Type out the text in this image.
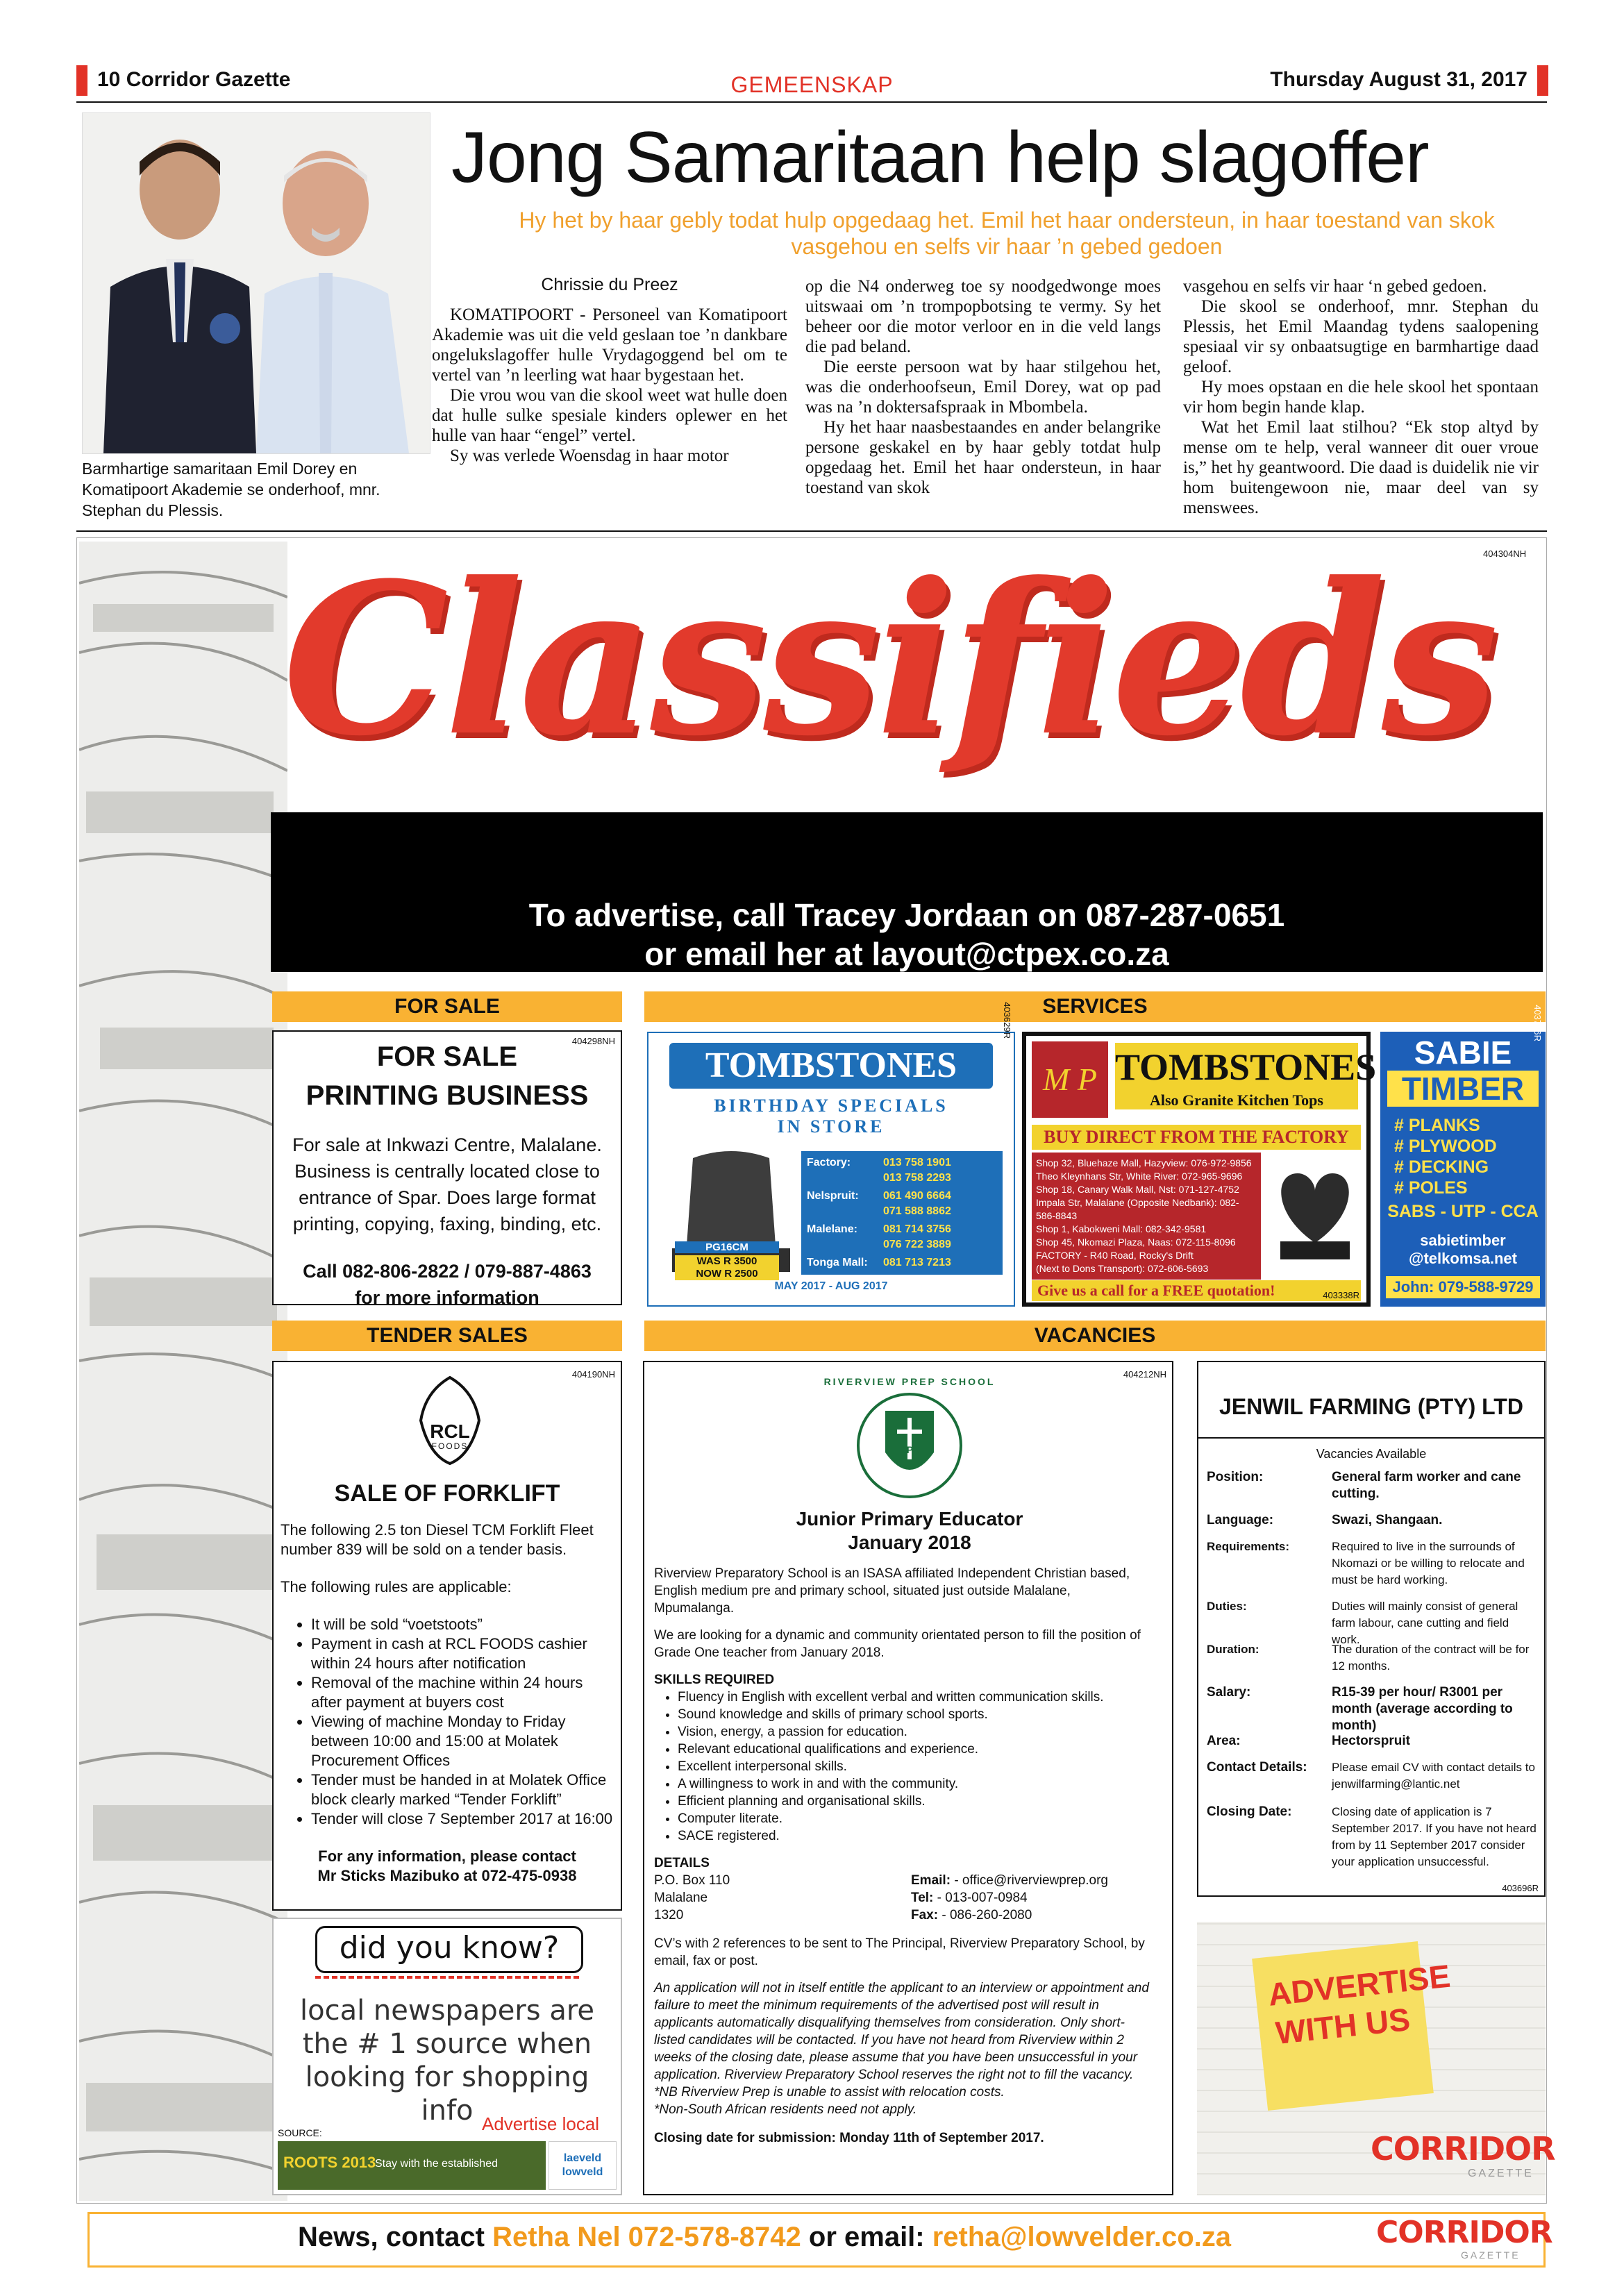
10 Corridor Gazette	GEMEENSKAP	Thursday August 31, 2017
Barmhartige samaritaan Emil Dorey en Komatipoort Akademie se onderhoof, mnr. Stephan du Plessis.
Jong Samaritaan help slagoffer
Hy het by haar gebly todat hulp opgedaag het. Emil het haar ondersteun, in haar toestand van skok vasgehou en selfs vir haar ’n gebed gedoen
Chrissie du Preez

KOMATIPOORT - Personeel van Komatipoort Akademie was uit die veld geslaan toe ’n dankbare ongelukslagoffer hulle Vrydagoggend bel om te vertel van ’n leerling wat haar bygestaan het.

Die vrou wou van die skool weet wat hulle doen dat hulle sulke spesiale kinders oplewer en het hulle van haar “engel” vertel.

Sy was verlede Woensdag in haar motor

op die N4 onderweg toe sy noodgedwonge moes uitswaai om ’n trompopbotsing te vermy. Sy het beheer oor die motor verloor en in die veld langs die pad beland.

Die eerste persoon wat by haar stilgehou het, was die onderhoofseun, Emil Dorey, wat op pad was na ’n doktersafspraak in Mbombela.

Hy het haar naasbestaandes en ander belangrike persone geskakel en by haar gebly totdat hulp opgedaag het. Emil het haar ondersteun, in haar toestand van skok

vasgehou en selfs vir haar ‘n gebed gedoen.

Die skool se onderhoof, mnr. Stephan du Plessis, het Emil Maandag tydens saalopening spesiaal vir sy onbaatsugtige en barmhartige daad geloof.

Hy moes opstaan en die hele skool het spontaan vir hom begin hande klap.

Wat het Emil laat stilhou? “Ek stop altyd by mense om te help, veral wanneer dit ouer vroue is,” het hy geantwoord. Die daad is duidelik nie vir hom buitengewoon nie, maar deel van sy menswees.

404304NH
Classifieds
To advertise, call Tracey Jordaan on 087-287-0651
or email her at layout@ctpex.co.za
FOR SALE	SERVICES
TENDER SALES	VACANCIES
404298NH
FOR SALE
PRINTING BUSINESS
For sale at Inkwazi Centre, Malalane. Business is centrally located close to entrance of Spar. Does large format printing, copying, faxing, binding, etc.
Call 082-806-2822 / 079-887-4863
for more information
403629R
TOMBSTONES
BIRTHDAY SPECIALS
IN STORE
PG16CM
WAS R 3500
NOW R 2500
Factory:	013 758 1901
013 758 2293
Nelspruit:	061 490 6664
071 588 8862
Malelane:	081 714 3756
076 722 3889
Tonga Mall:	081 713 7213
MAY 2017 - AUG 2017
M P TOMBSTONES
Also Granite Kitchen Tops
BUY DIRECT FROM THE FACTORY
Shop 32, Bluehaze Mall, Hazyview: 076-972-9856
Theo Kleynhans Str, White River: 072-965-9696
Shop 18, Canary Walk Mall, Nst: 071-127-4752
Impala Str, Malalane (Opposite Nedbank): 082-586-8843
Shop 1, Kabokweni Mall: 082-342-9581
Shop 45, Nkomazi Plaza, Naas: 072-115-8096
FACTORY - R40 Road, Rocky's Drift
(Next to Dons Transport): 072-606-5693
Give us a call for a FREE quotation!	403338R
SABIE
TIMBER
# PLANKS
# PLYWOOD
# DECKING
# POLES
SABS - UTP - CCA
sabietimber
@telkomsa.net
John: 079-588-9729
403776R
404190NH
RCL
FOODS
SALE OF FORKLIFT
The following 2.5 ton Diesel TCM Forklift Fleet number 839 will be sold on a tender basis.
The following rules are applicable:
• It will be sold “voetstoots”
• Payment in cash at RCL FOODS cashier within 24 hours after notification
• Removal of the machine within 24 hours after payment at buyers cost
• Viewing of machine Monday to Friday between 10:00 and 15:00 at Molatek Procurement Offices
• Tender must be handed in at Molatek Office block clearly marked “Tender Forklift”
• Tender will close 7 September 2017 at 16:00
For any information, please contact
Mr Sticks Mazibuko at 072-475-0938
did you know?
local newspapers are the # 1 source when looking for shopping info Advertise local
SOURCE:
ROOTS 2013
Stay with the established	laeveld lowveld
404212NH
RIVERVIEW PREP SCHOOL
RPS
Junior Primary Educator
January 2018
Riverview Preparatory School is an ISASA affiliated Independent Christian based, English medium pre and primary school, situated just outside Malalane, Mpumalanga.
We are looking for a dynamic and community orientated person to fill the position of Grade One teacher from January 2018.
SKILLS REQUIRED
• Fluency in English with excellent verbal and written communication skills.
• Sound knowledge and skills of primary school sports.
• Vision, energy, a passion for education.
• Relevant educational qualifications and experience.
• Excellent interpersonal skills.
• A willingness to work in and with the community.
• Efficient planning and organisational skills.
• Computer literate.
• SACE registered.
DETAILS
P.O. Box 110
Malalane
1320
Email: - office@riverviewprep.org
Tel: - 013-007-0984
Fax: - 086-260-2080
CV’s with 2 references to be sent to The Principal, Riverview Preparatory School, by email, fax or post.
An application will not in itself entitle the applicant to an interview or appointment and failure to meet the minimum requirements of the advertised post will result in applicants automatically disqualifying themselves from consideration. Only short-listed candidates will be contacted. If you have not heard from Riverview within 2 weeks of the closing date, please assume that you have been unsuccessful in your application. Riverview Preparatory School reserves the right not to fill the vacancy.
*NB Riverview Prep is unable to assist with relocation costs.
*Non-South African residents need not apply.
Closing date for submission: Monday 11th of September 2017.
JENWIL FARMING (PTY) LTD
Vacancies Available
Position:	General farm worker and cane cutting.
Language:	Swazi, Shangaan.
Requirements:	Required to live in the surrounds of Nkomazi or be willing to relocate and must be hard working.
Duties:	Duties will mainly consist of general farm labour, cane cutting and field work.
Duration:	The duration of the contract will be for 12 months.
Salary:	R15-39 per hour/ R3001 per month (average according to month)
Area:	Hectorspruit
Contact Details: Please email CV with contact details to jenwilfarming@lantic.net
Closing Date:	Closing date of application is 7 September 2017. If you have not heard from by 11 September 2017 consider your application unsuccessful.
403696R
ADVERTISE WITH US
CORRIDOR
GAZETTE
News, contact Retha Nel 072-578-8742 or email: retha@lowvelder.co.za	CORRIDOR
GAZETTE
